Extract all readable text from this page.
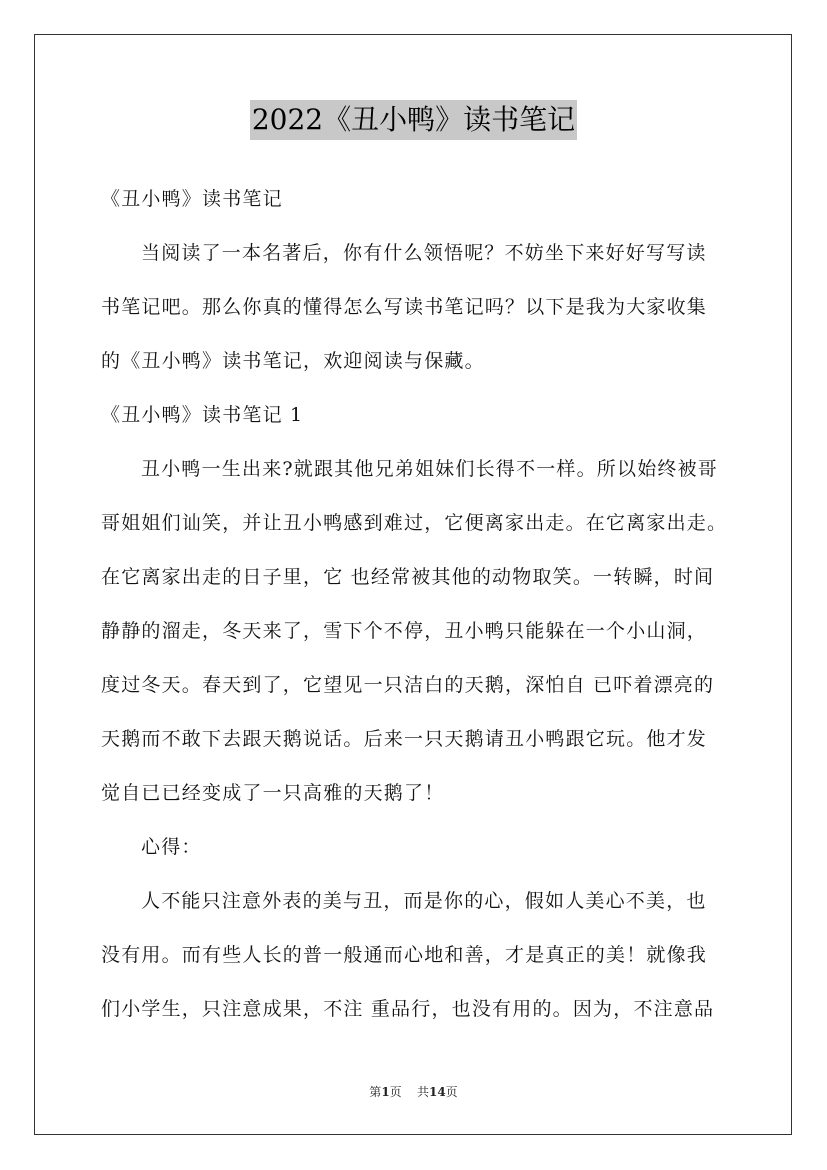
2022《丑小鸭》读书笔记

《丑小鸭》读书笔记

当阅读了一本名著后，你有什么领悟呢？不妨坐下来好好写写读

书笔记吧。那么你真的懂得怎么写读书笔记吗？以下是我为大家收集
的《丑小鸭》读书笔记，欢迎阅读与保藏。

《丑小鸭》读书笔记 1

丑小鸭一生出来?就跟其他兄弟姐妹们长得不一样。所以始终被哥

哥姐姐们讪笑，并让丑小鸭感到难过，它便离家出走。在它离家出走。
在它离家出走的日子里，它 也经常被其他的动物取笑。一转瞬，时间
静静的溜走，冬天来了，雪下个不停，丑小鸭只能躲在一个小山洞，
度过冬天。春天到了，它望见一只洁白的天鹅，深怕自 已吓着漂亮的
天鹅而不敢下去跟天鹅说话。后来一只天鹅请丑小鸭跟它玩。他才发
觉自已已经变成了一只高雅的天鹅了！

心得：

人不能只注意外表的美与丑，而是你的心，假如人美心不美，也

没有用。而有些人长的普一般通而心地和善，才是真正的美！就像我
们小学生，只注意成果，不注 重品行，也没有用的。因为，不注意品

第1页 共14页
